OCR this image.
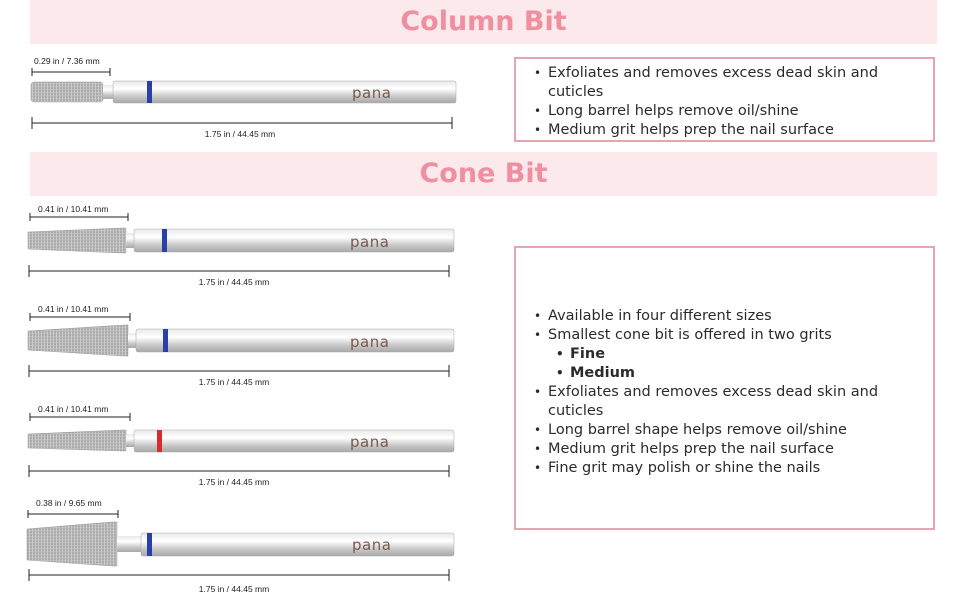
Column Bit
0.29 in / 7.36 mm
pana
1.75 in / 44.45 mm
• Exfoliates and removes excess dead skin and cuticles
• Long barrel helps remove oil/shine
• Medium grit helps prep the nail surface
Cone Bit
0.41 in / 10.41 mm
pana
1.75 in / 44.45 mm
0.41 in / 10.41 mm
pana
1.75 in / 44.45 mm
0.41 in / 10.41 mm
pana
1.75 in / 44.45 mm
0.38 in / 9.65 mm
pana
1.75 in / 44.45 mm
• Available in four different sizes
• Smallest cone bit is offered in two grits
• Fine
• Medium
• Exfoliates and removes excess dead skin and cuticles
• Long barrel shape helps remove oil/shine
• Medium grit helps prep the nail surface
• Fine grit may polish or shine the nails
